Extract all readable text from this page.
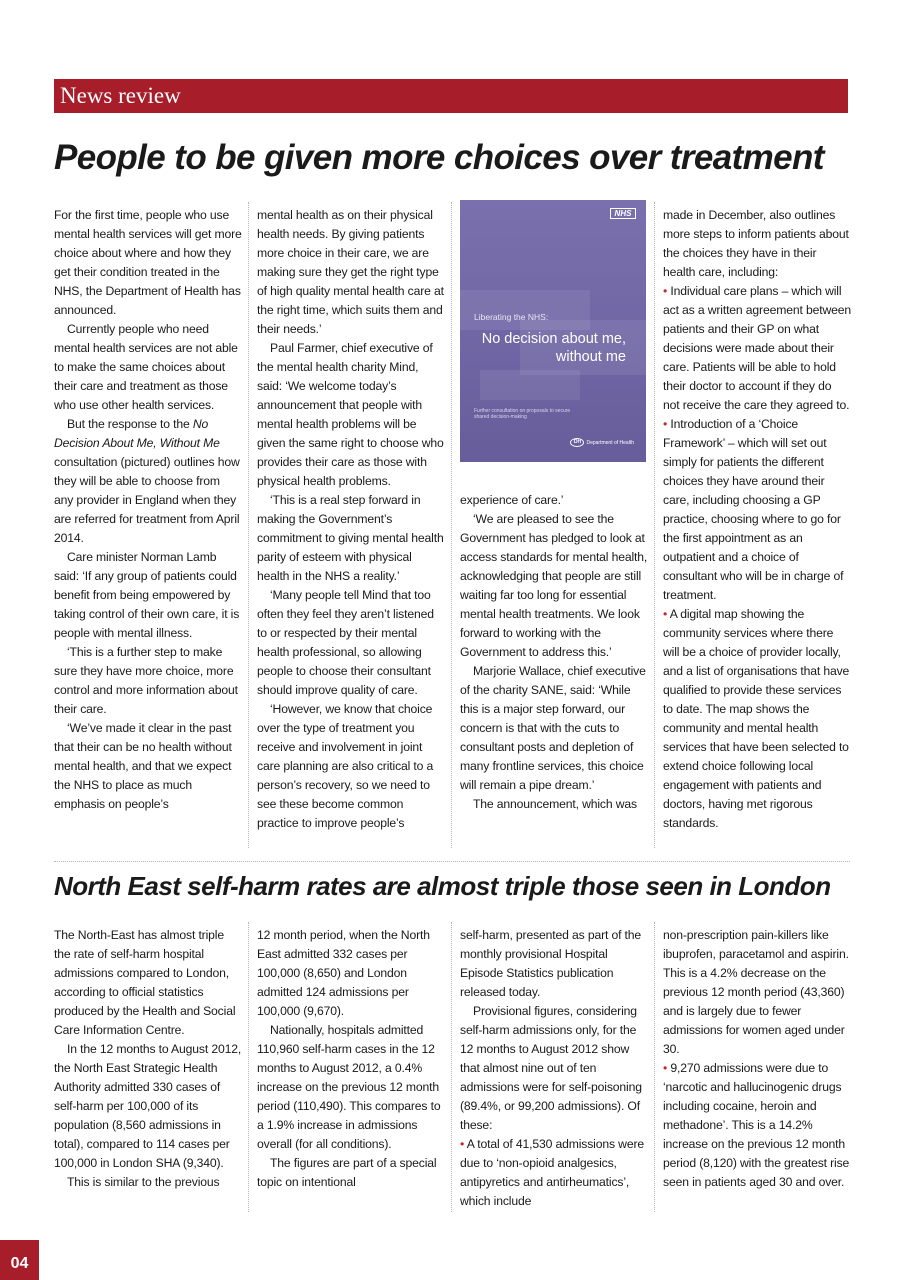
News review
People to be given more choices over treatment

For the first time, people who use mental health services will get more choice about where and how they get their condition treated in the NHS, the Department of Health has announced.

Currently people who need mental health services are not able to make the same choices about their care and treatment as those who use other health services.

But the response to the No Decision About Me, Without Me consultation (pictured) outlines how they will be able to choose from any provider in England when they are referred for treatment from April 2014.

Care minister Norman Lamb said: ‘If any group of patients could benefit from being empowered by taking control of their own care, it is people with mental illness.

‘This is a further step to make sure they have more choice, more control and more information about their care.

‘We’ve made it clear in the past that their can be no health without mental health, and that we expect the NHS to place as much emphasis on people’s

mental health as on their physical health needs. By giving patients more choice in their care, we are making sure they get the right type of high quality mental health care at the right time, which suits them and their needs.’

Paul Farmer, chief executive of the mental health charity Mind, said: ‘We welcome today’s announcement that people with mental health problems will be given the same right to choose who provides their care as those with physical health problems.

‘This is a real step forward in making the Government’s commitment to giving mental health parity of esteem with physical health in the NHS a reality.’

‘Many people tell Mind that too often they feel they aren’t listened to or respected by their mental health professional, so allowing people to choose their consultant should improve quality of care.

‘However, we know that choice over the type of treatment you receive and involvement in joint care planning are also critical to a person’s recovery, so we need to see these become common practice to improve people’s

NHS
Liberating the NHS:
No decision about me,
without me
Further consultation on proposals to secure shared decision-making
DH	Department of Health

experience of care.’

‘We are pleased to see the Government has pledged to look at access standards for mental health, acknowledging that people are still waiting far too long for essential mental health treatments. We look forward to working with the Government to address this.’

Marjorie Wallace, chief executive of the charity SANE, said: ‘While this is a major step forward, our concern is that with the cuts to consultant posts and depletion of many frontline services, this choice will remain a pipe dream.’

The announcement, which was

made in December, also outlines more steps to inform patients about the choices they have in their health care, including:

• Individual care plans – which will act as a written agreement between patients and their GP on what decisions were made about their care. Patients will be able to hold their doctor to account if they do not receive the care they agreed to.

• Introduction of a ‘Choice Framework’ – which will set out simply for patients the different choices they have around their care, including choosing a GP practice, choosing where to go for the first appointment as an outpatient and a choice of consultant who will be in charge of treatment.

• A digital map showing the community services where there will be a choice of provider locally, and a list of organisations that have qualified to provide these services to date. The map shows the community and mental health services that have been selected to extend choice following local engagement with patients and doctors, having met rigorous standards.

North East self-harm rates are almost triple those seen in London

The North-East has almost triple the rate of self-harm hospital admissions compared to London, according to official statistics produced by the Health and Social Care Information Centre.

In the 12 months to August 2012, the North East Strategic Health Authority admitted 330 cases of self-harm per 100,000 of its population (8,560 admissions in total), compared to 114 cases per 100,000 in London SHA (9,340).

This is similar to the previous

12 month period, when the North East admitted 332 cases per 100,000 (8,650) and London admitted 124 admissions per 100,000 (9,670).

Nationally, hospitals admitted 110,960 self-harm cases in the 12 months to August 2012, a 0.4% increase on the previous 12 month period (110,490). This compares to a 1.9% increase in admissions overall (for all conditions).

The figures are part of a special topic on intentional

self-harm, presented as part of the monthly provisional Hospital Episode Statistics publication released today.

Provisional figures, considering self-harm admissions only, for the 12 months to August 2012 show that almost nine out of ten admissions were for self-poisoning (89.4%, or 99,200 admissions). Of these:

• A total of 41,530 admissions were due to ‘non-opioid analgesics, antipyretics and antirheumatics’, which include

non-prescription pain-killers like ibuprofen, paracetamol and aspirin. This is a 4.2% decrease on the previous 12 month period (43,360) and is largely due to fewer admissions for women aged under 30.

• 9,270 admissions were due to ‘narcotic and hallucinogenic drugs including cocaine, heroin and methadone’. This is a 14.2% increase on the previous 12 month period (8,120) with the greatest rise seen in patients aged 30 and over.

04
